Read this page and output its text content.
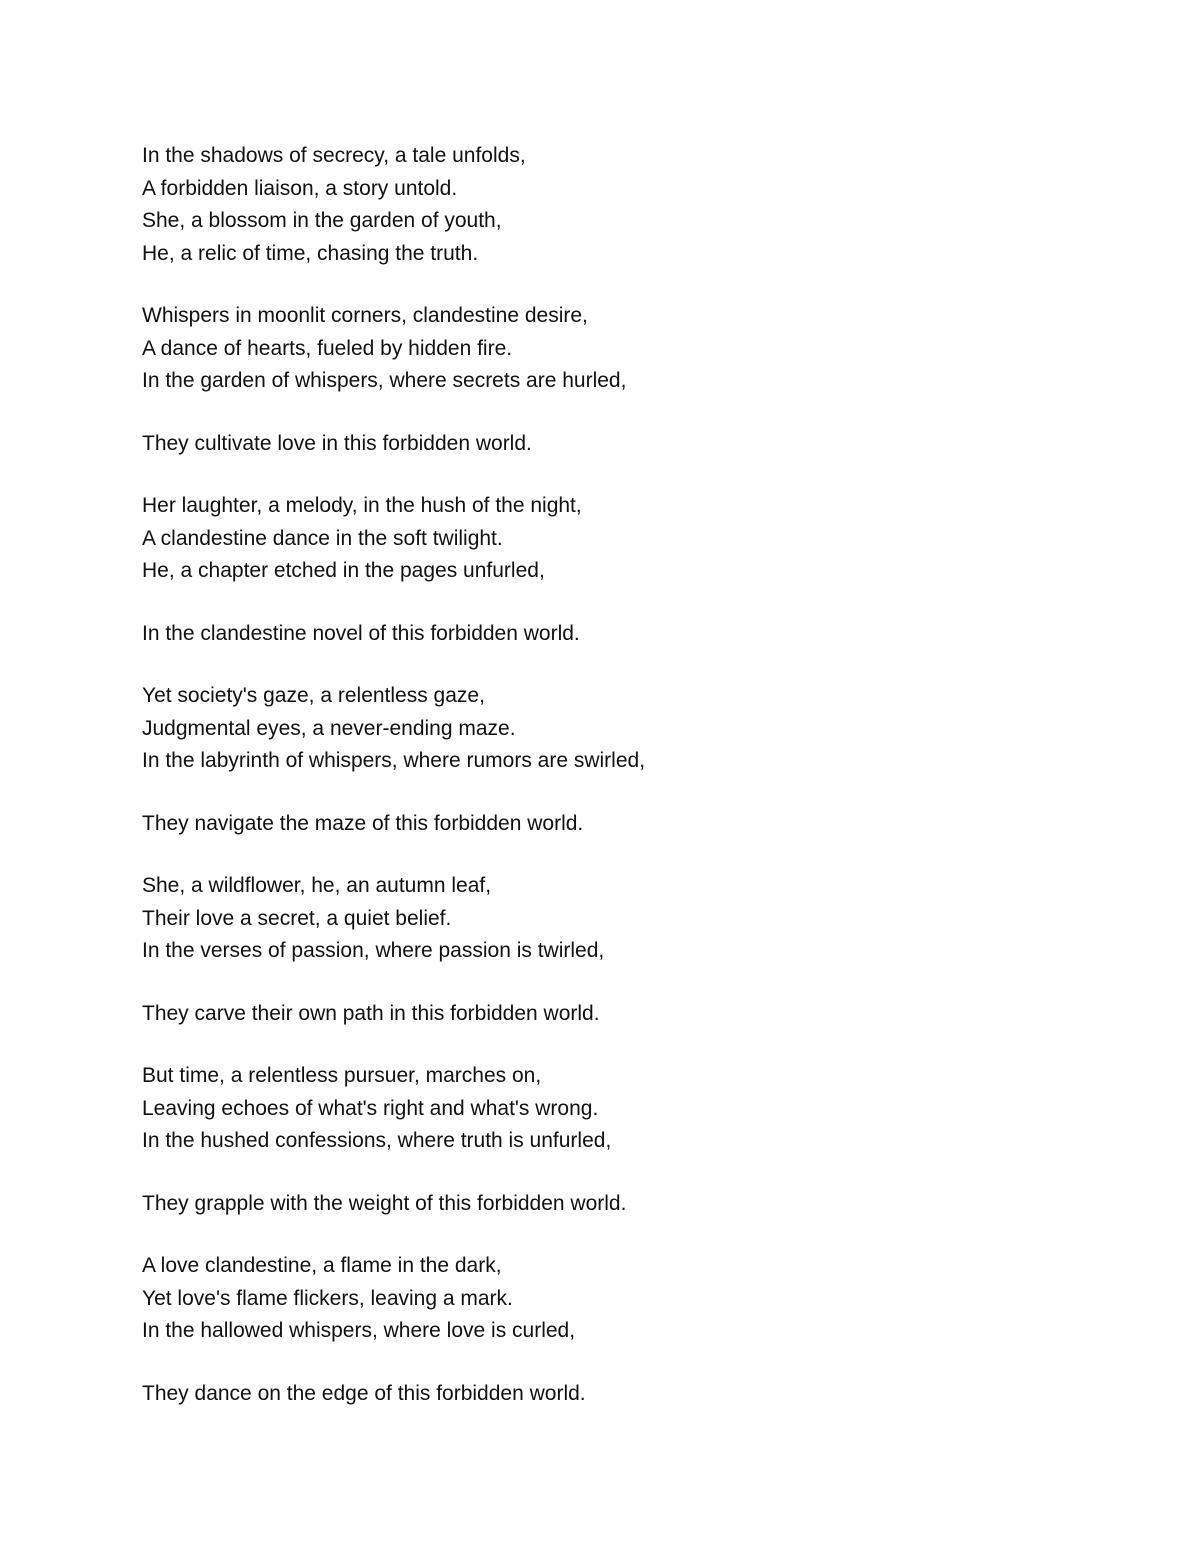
In the shadows of secrecy, a tale unfolds,
A forbidden liaison, a story untold.
She, a blossom in the garden of youth,
He, a relic of time, chasing the truth.
Whispers in moonlit corners, clandestine desire,
A dance of hearts, fueled by hidden fire.
In the garden of whispers, where secrets are hurled,
They cultivate love in this forbidden world.
Her laughter, a melody, in the hush of the night,
A clandestine dance in the soft twilight.
He, a chapter etched in the pages unfurled,
In the clandestine novel of this forbidden world.
Yet society's gaze, a relentless gaze,
Judgmental eyes, a never-ending maze.
In the labyrinth of whispers, where rumors are swirled,
They navigate the maze of this forbidden world.
She, a wildflower, he, an autumn leaf,
Their love a secret, a quiet belief.
In the verses of passion, where passion is twirled,
They carve their own path in this forbidden world.
But time, a relentless pursuer, marches on,
Leaving echoes of what's right and what's wrong.
In the hushed confessions, where truth is unfurled,
They grapple with the weight of this forbidden world.
A love clandestine, a flame in the dark,
Yet love's flame flickers, leaving a mark.
In the hallowed whispers, where love is curled,
They dance on the edge of this forbidden world.
